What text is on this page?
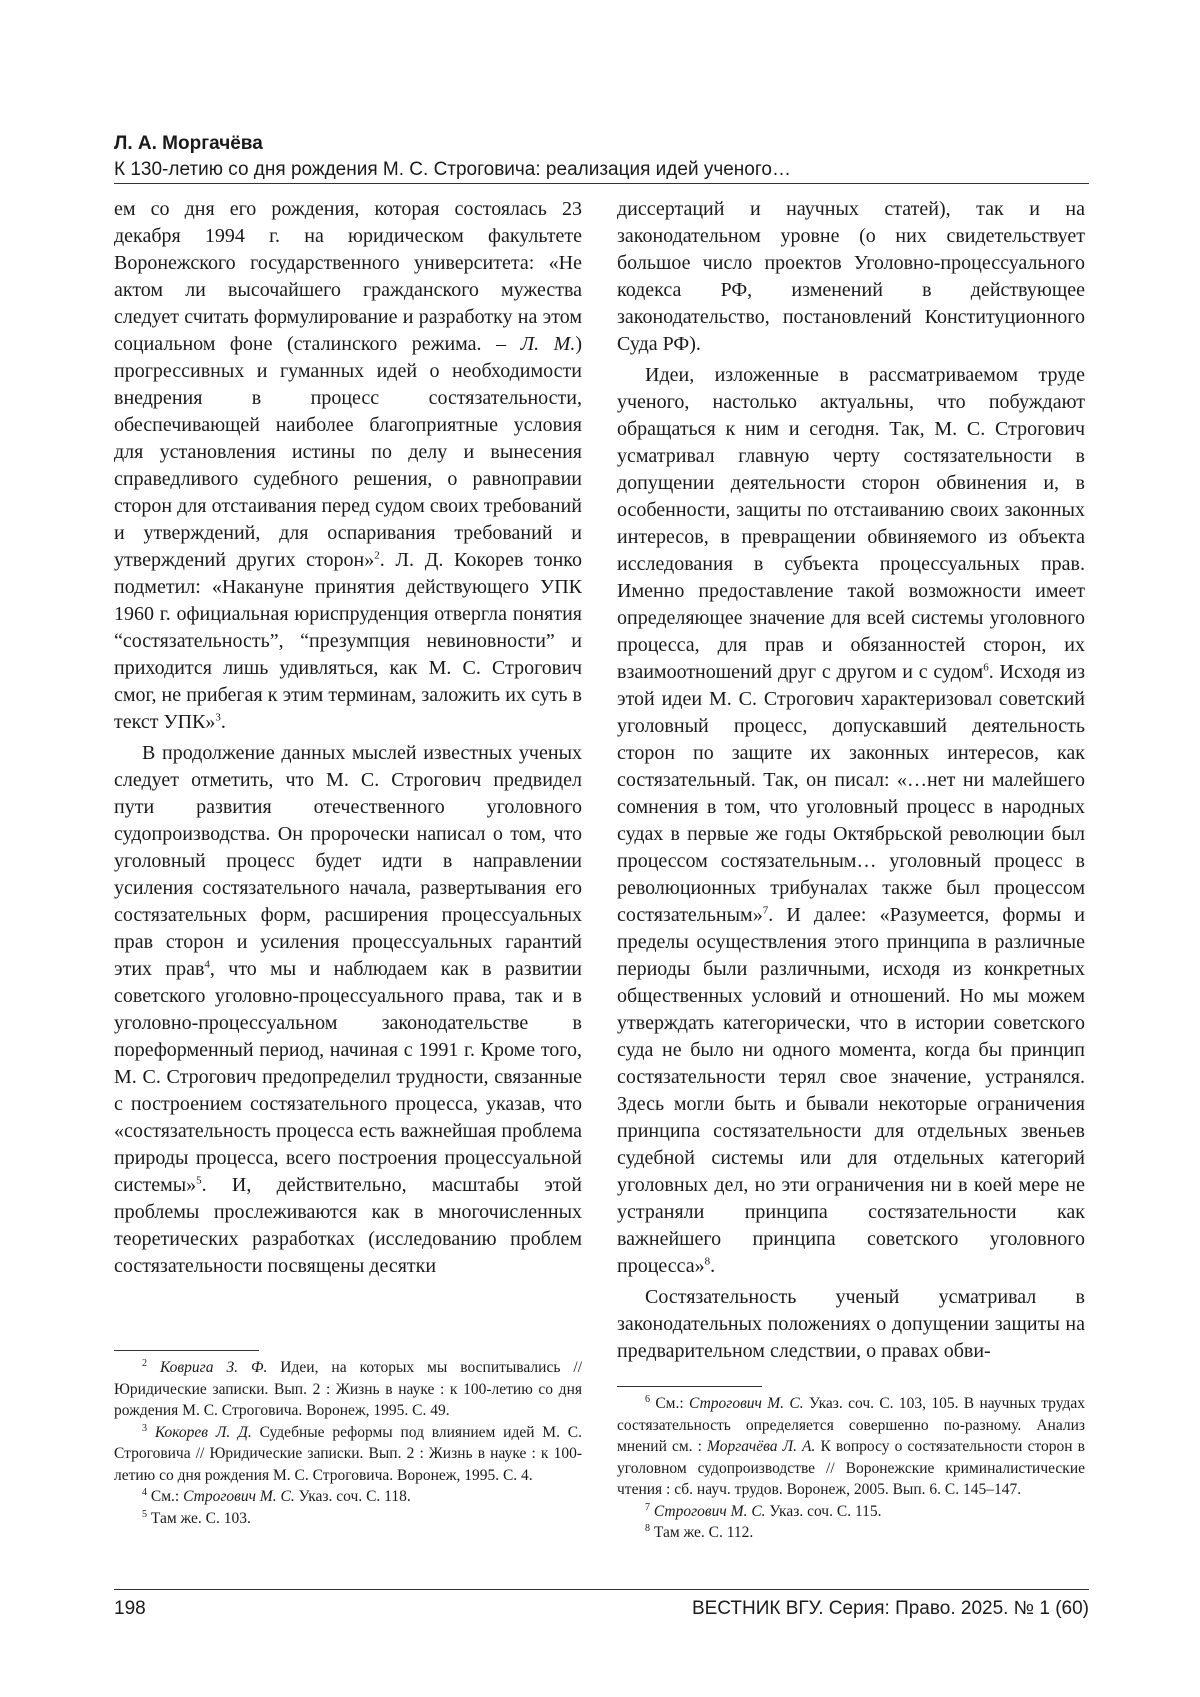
Л. А. Моргачёва
К 130-летию со дня рождения М. С. Строговича: реализация идей ученого…

ем со дня его рождения, которая состоялась 23 декабря 1994 г. на юридическом факультете Воронежского государственного университета: «Не актом ли высочайшего гражданского мужества следует считать формулирование и разработку на этом социальном фоне (сталинского режима. – Л. М.) прогрессивных и гуманных идей о необходимости внедрения в процесс состязательности, обеспечивающей наиболее благоприятные условия для установления истины по делу и вынесения справедливого судебного решения, о равноправии сторон для отстаивания перед судом своих требований и утверждений, для оспаривания требований и утверждений других сторон»$^2$. Л. Д. Кокорев тонко подметил: «Накануне принятия действующего УПК 1960 г. официальная юриспруденция отвергла понятия “состязательность”, “презумпция невиновности” и приходится лишь удивляться, как М. С. Строгович смог, не прибегая к этим терминам, заложить их суть в текст УПК»$^3$.

В продолжение данных мыслей известных ученых следует отметить, что М. С. Строгович предвидел пути развития отечественного уголовного судопроизводства. Он пророчески написал о том, что уголовный процесс будет идти в направлении усиления состязательного начала, развертывания его состязательных форм, расширения процессуальных прав сторон и усиления процессуальных гарантий этих прав$^4$, что мы и наблюдаем как в развитии советского уголовно-процессуального права, так и в уголовно-процессуальном законодательстве в пореформенный период, начиная с 1991 г. Кроме того, М. С. Строгович предопределил трудности, связанные с построением состязательного процесса, указав, что «состязательность процесса есть важнейшая проблема природы процесса, всего построения процессуальной системы»$^5$. И, действительно, масштабы этой проблемы прослеживаются как в многочисленных теоретических разработках (исследованию проблем состязательности посвящены десятки

диссертаций и научных статей), так и на законодательном уровне (о них свидетельствует большое число проектов Уголовно-процессуального кодекса РФ, изменений в действующее законодательство, постановлений Конституционного Суда РФ).

Идеи, изложенные в рассматриваемом труде ученого, настолько актуальны, что побуждают обращаться к ним и сегодня. Так, М. С. Строгович усматривал главную черту состязательности в допущении деятельности сторон обвинения и, в особенности, защиты по отстаиванию своих законных интересов, в превращении обвиняемого из объекта исследования в субъекта процессуальных прав. Именно предоставление такой возможности имеет определяющее значение для всей системы уголовного процесса, для прав и обязанностей сторон, их взаимоотношений друг с другом и с судом$^6$. Исходя из этой идеи М. С. Строгович характеризовал советский уголовный процесс, допускавший деятельность сторон по защите их законных интересов, как состязательный. Так, он писал: «…нет ни малейшего сомнения в том, что уголовный процесс в народных судах в первые же годы Октябрьской революции был процессом состязательным… уголовный процесс в революционных трибуналах также был процессом состязательным»$^7$. И далее: «Разумеется, формы и пределы осуществления этого принципа в различные периоды были различными, исходя из конкретных общественных условий и отношений. Но мы можем утверждать категорически, что в истории советского суда не было ни одного момента, когда бы принцип состязательности терял свое значение, устранялся. Здесь могли быть и бывали некоторые ограничения принципа состязательности для отдельных звеньев судебной системы или для отдельных категорий уголовных дел, но эти ограничения ни в коей мере не устраняли принципа состязательности как важнейшего принципа советского уголовного процесса»$^8$.

Состязательность ученый усматривал в законодательных положениях о допущении защиты на предварительном следствии, о правах обви-

$^2$ Коврига З. Ф. Идеи, на которых мы воспитывались // Юридические записки. Вып. 2 : Жизнь в науке : к 100-летию со дня рождения М. С. Строговича. Воронеж, 1995. С. 49.

$^3$ Кокорев Л. Д. Судебные реформы под влиянием идей М. С. Строговича // Юридические записки. Вып. 2 : Жизнь в науке : к 100-летию со дня рождения М. С. Строговича. Воронеж, 1995. С. 4.

$^4$ См.: Строгович М. С. Указ. соч. С. 118.

$^5$ Там же. С. 103.

$^6$ См.: Строгович М. С. Указ. соч. С. 103, 105. В научных трудах состязательность определяется совершенно по-разному. Анализ мнений см. : Моргачёва Л. А. К вопросу о состязательности сторон в уголовном судопроизводстве // Воронежские криминалистические чтения : сб. науч. трудов. Воронеж, 2005. Вып. 6. С. 145–147.

$^7$ Строгович М. С. Указ. соч. С. 115.

$^8$ Там же. С. 112.

198	ВЕСТНИК ВГУ. Серия: Право. 2025. № 1 (60)
